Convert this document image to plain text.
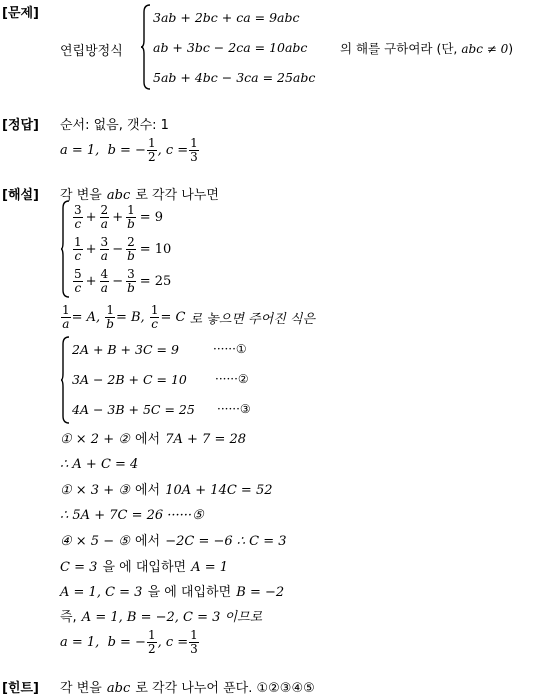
[문제]
연립방정식
3ab + 2bc + ca = 9abc
ab + 3bc − 2ca = 10abc
5ab + 4bc − 3ca = 25abc
의 해를 구하여라 (단, abc ≠ 0)
[정답] 순서: 없음, 갯수: 1
a = 1,
b = − $\frac{1}{2}$ , $c = \frac{1}{3}$
[해설] 각 변을 abc 로 각각 나누면
$\frac{3}{c} + \frac{2}{a} + \frac{1}{b} = 9$
$\frac{1}{c} + \frac{3}{a} - \frac{2}{b} = 10$
$\frac{5}{c} + \frac{4}{a} - \frac{3}{b} = 25$
$\frac{1}{a} = A$,
$\frac{1}{b} = B$,
$\frac{1}{c} = C$
로 놓으면 주어진 식은
2A + B + 3C = 9	······①
3A − 2B + C = 10 ······②
4A − 3B + 5C = 25 ······③
① × 2 + ② 에서 7A + 7 = 28
∴ A + C = 4
① × 3 + ③ 에서 10A + 14C = 52
∴ 5A + 7C = 26 ······⑤
④ × 5 − ⑤ 에서 −2C = −6 ∴ C = 3
C = 3 을 에 대입하면 A = 1
A = 1, C = 3 을 에 대입하면 B = −2
즉, A = 1, B = −2, C = 3 이므로
a = 1,
b = − $\frac{1}{2}$ , $c = \frac{1}{3}$
[힌트] 각 변을 abc 로 각각 나누어 푼다. ①②③④⑤
